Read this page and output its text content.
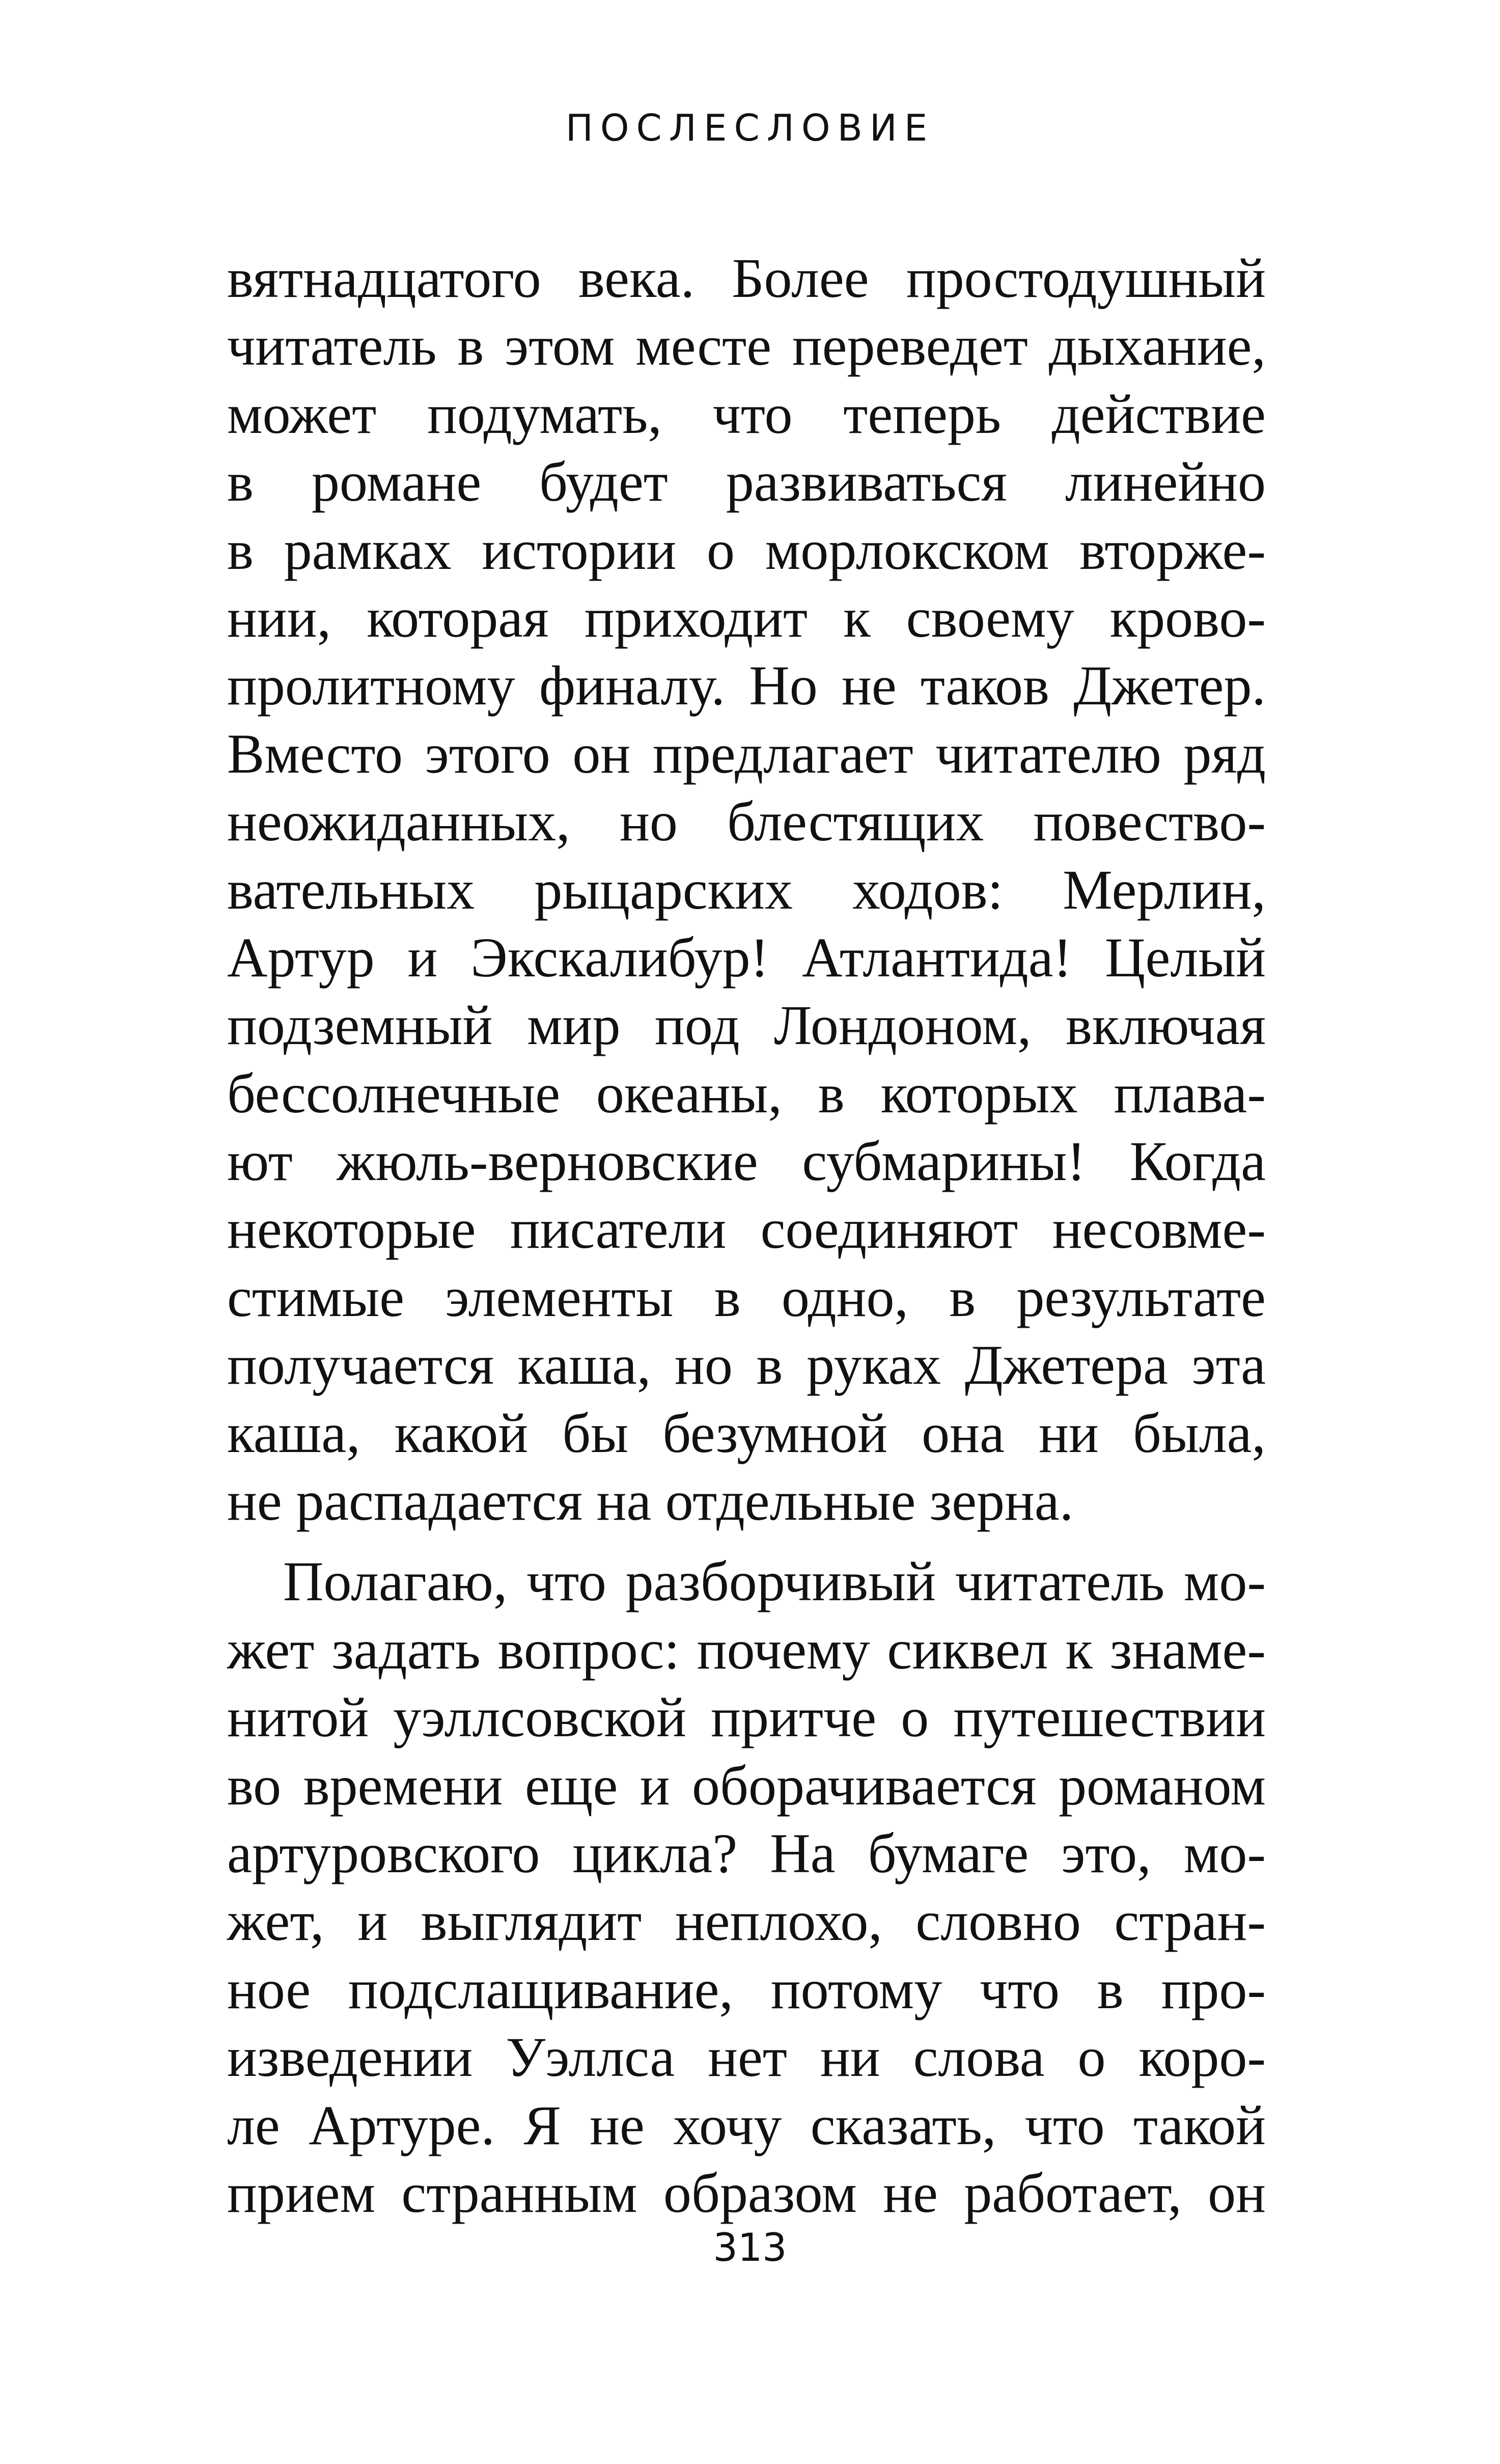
ПОСЛЕСЛОВИЕ
вятнадцатого века. Более простодушный
читатель в этом месте переведет дыхание,
может подумать, что теперь действие
в романе будет развиваться линейно
в рамках истории о морлокском вторже-
нии, которая приходит к своему крово-
пролитному финалу. Но не таков Джетер.
Вместо этого он предлагает читателю ряд
неожиданных, но блестящих повество-
вательных рыцарских ходов: Мерлин,
Артур и Экскалибур! Атлантида! Целый
подземный мир под Лондоном, включая
бессолнечные океаны, в которых плава-
ют жюль-верновские субмарины! Когда
некоторые писатели соединяют несовме-
стимые элементы в одно, в результате
получается каша, но в руках Джетера эта
каша, какой бы безумной она ни была,
не распадается на отдельные зерна.
Полагаю, что разборчивый читатель мо-
жет задать вопрос: почему сиквел к знаме-
нитой уэллсовской притче о путешествии
во времени еще и оборачивается романом
артуровского цикла? На бумаге это, мо-
жет, и выглядит неплохо, словно стран-
ное подслащивание, потому что в про-
изведении Уэллса нет ни слова о коро-
ле Артуре. Я не хочу сказать, что такой
прием странным образом не работает, он
313
